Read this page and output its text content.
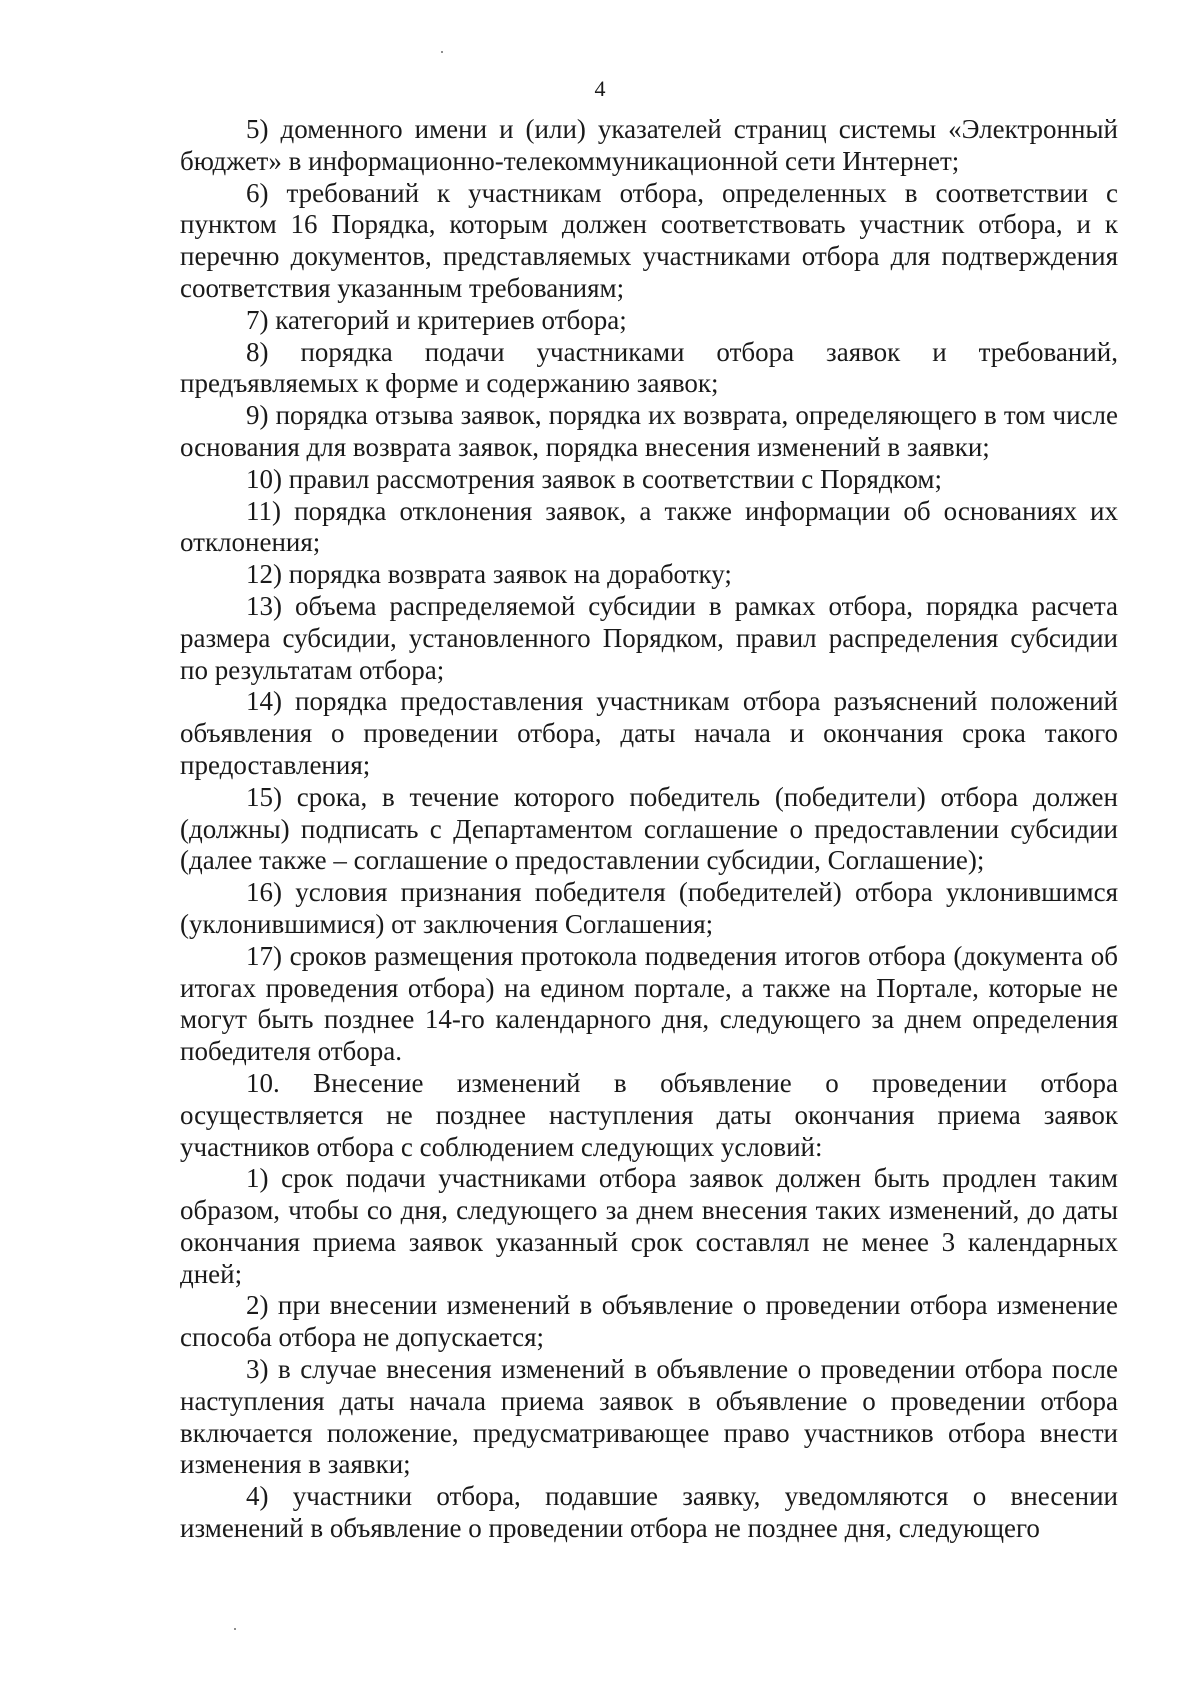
4

5) доменного имени и (или) указателей страниц системы «Электронный бюджет» в информационно-телекоммуникационной сети Интернет;

6) требований к участникам отбора, определенных в соответствии с пунктом 16 Порядка, которым должен соответствовать участник отбора, и к перечню документов, представляемых участниками отбора для подтверждения соответствия указанным требованиям;

7) категорий и критериев отбора;

8) порядка подачи участниками отбора заявок и требований, предъявляемых к форме и содержанию заявок;

9) порядка отзыва заявок, порядка их возврата, определяющего в том числе основания для возврата заявок, порядка внесения изменений в заявки;

10) правил рассмотрения заявок в соответствии с Порядком;

11) порядка отклонения заявок, а также информации об основаниях их отклонения;

12) порядка возврата заявок на доработку;

13) объема распределяемой субсидии в рамках отбора, порядка расчета размера субсидии, установленного Порядком, правил распределения субсидии по результатам отбора;

14) порядка предоставления участникам отбора разъяснений положений объявления о проведении отбора, даты начала и окончания срока такого предоставления;

15) срока, в течение которого победитель (победители) отбора должен (должны) подписать с Департаментом соглашение о предоставлении субсидии (далее также – соглашение о предоставлении субсидии, Соглашение);

16) условия признания победителя (победителей) отбора уклонившимся (уклонившимися) от заключения Соглашения;

17) сроков размещения протокола подведения итогов отбора (документа об итогах проведения отбора) на едином портале, а также на Портале, которые не могут быть позднее 14-го календарного дня, следующего за днем определения победителя отбора.

10. Внесение изменений в объявление о проведении отбора осуществляется не позднее наступления даты окончания приема заявок участников отбора с соблюдением следующих условий:

1) срок подачи участниками отбора заявок должен быть продлен таким образом, чтобы со дня, следующего за днем внесения таких изменений, до даты окончания приема заявок указанный срок составлял не менее 3 календарных дней;

2) при внесении изменений в объявление о проведении отбора изменение способа отбора не допускается;

3) в случае внесения изменений в объявление о проведении отбора после наступления даты начала приема заявок в объявление о проведении отбора включается положение, предусматривающее право участников отбора внести изменения в заявки;

4) участники отбора, подавшие заявку, уведомляются о внесении изменений в объявление о проведении отбора не позднее дня, следующего
